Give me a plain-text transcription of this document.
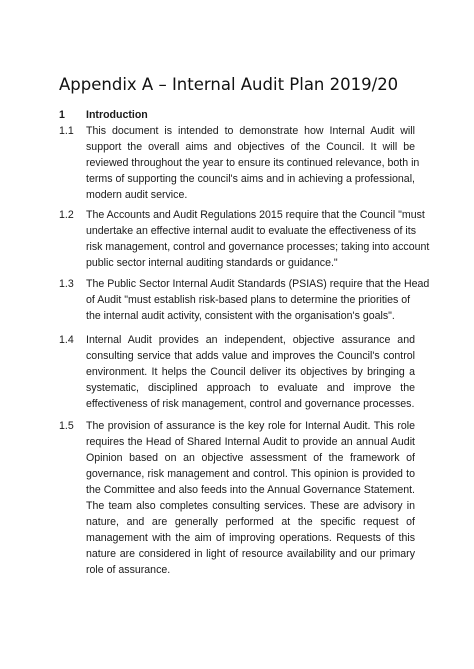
Appendix A – Internal Audit Plan 2019/20
1 Introduction
1.1	This document is intended to demonstrate how Internal Audit will
support the overall aims and objectives of the Council. It will be
reviewed throughout the year to ensure its continued relevance, both in
terms of supporting the council's aims and in achieving a professional,
modern audit service.
1.2	The Accounts and Audit Regulations 2015 require that the Council "must
undertake an effective internal audit to evaluate the effectiveness of its
risk management, control and governance processes; taking into account
public sector internal auditing standards or guidance."
1.3	The Public Sector Internal Audit Standards (PSIAS) require that the Head
of Audit "must establish risk-based plans to determine the priorities of
the internal audit activity, consistent with the organisation's goals".
1.4	Internal Audit provides an independent, objective assurance and
consulting service that adds value and improves the Council's control
environment. It helps the Council deliver its objectives by bringing a
systematic, disciplined approach to evaluate and improve the
effectiveness of risk management, control and governance processes.
1.5	The provision of assurance is the key role for Internal Audit. This role
requires the Head of Shared Internal Audit to provide an annual Audit
Opinion based on an objective assessment of the framework of
governance, risk management and control. This opinion is provided to
the Committee and also feeds into the Annual Governance Statement.
The team also completes consulting services. These are advisory in
nature, and are generally performed at the specific request of
management with the aim of improving operations. Requests of this
nature are considered in light of resource availability and our primary
role of assurance.
